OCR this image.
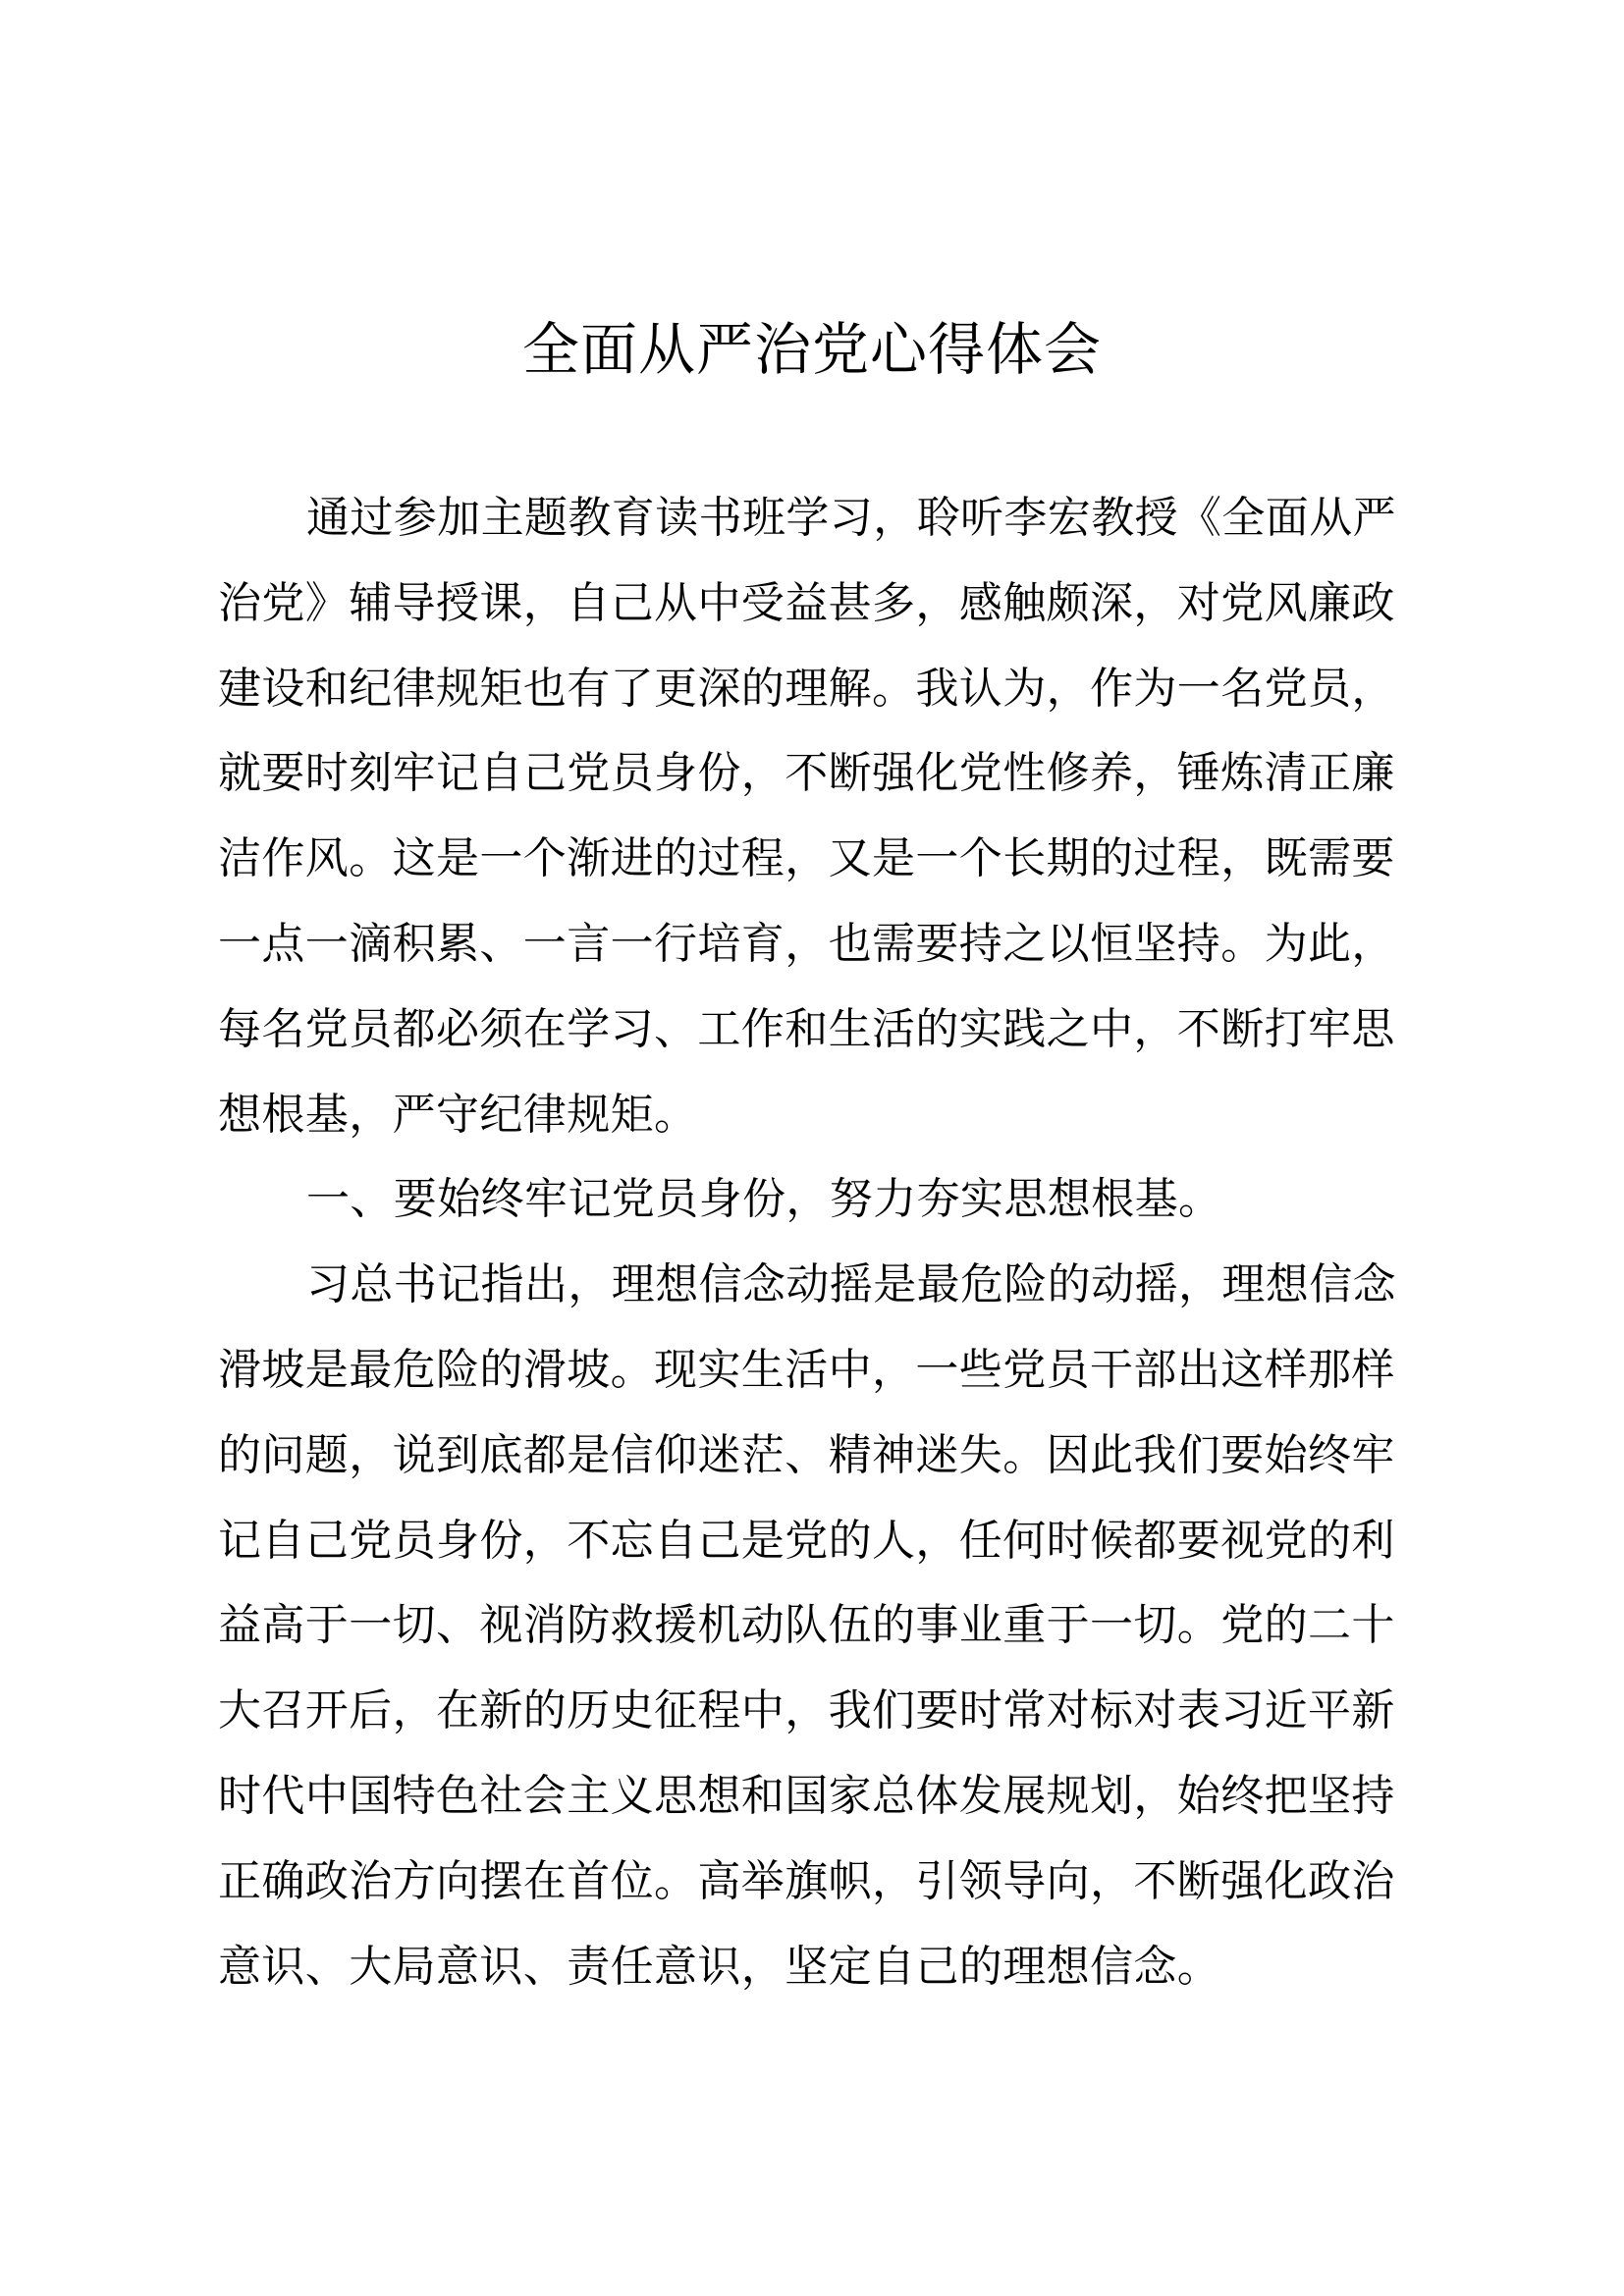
全面从严治党心得体会
通过参加主题教育读书班学习，聆听李宏教授《全面从严
治党》辅导授课，自己从中受益甚多，感触颇深，对党风廉政
建设和纪律规矩也有了更深的理解。我认为，作为一名党员，
就要时刻牢记自己党员身份，不断强化党性修养，锤炼清正廉
洁作风。这是一个渐进的过程，又是一个长期的过程，既需要
一点一滴积累、一言一行培育，也需要持之以恒坚持。为此，
每名党员都必须在学习、工作和生活的实践之中，不断打牢思
想根基，严守纪律规矩。
一、要始终牢记党员身份，努力夯实思想根基。
习总书记指出，理想信念动摇是最危险的动摇，理想信念
滑坡是最危险的滑坡。现实生活中，一些党员干部出这样那样
的问题，说到底都是信仰迷茫、精神迷失。因此我们要始终牢
记自己党员身份，不忘自己是党的人，任何时候都要视党的利
益高于一切、视消防救援机动队伍的事业重于一切。党的二十
大召开后，在新的历史征程中，我们要时常对标对表习近平新
时代中国特色社会主义思想和国家总体发展规划，始终把坚持
正确政治方向摆在首位。高举旗帜，引领导向，不断强化政治
意识、大局意识、责任意识，坚定自己的理想信念。
